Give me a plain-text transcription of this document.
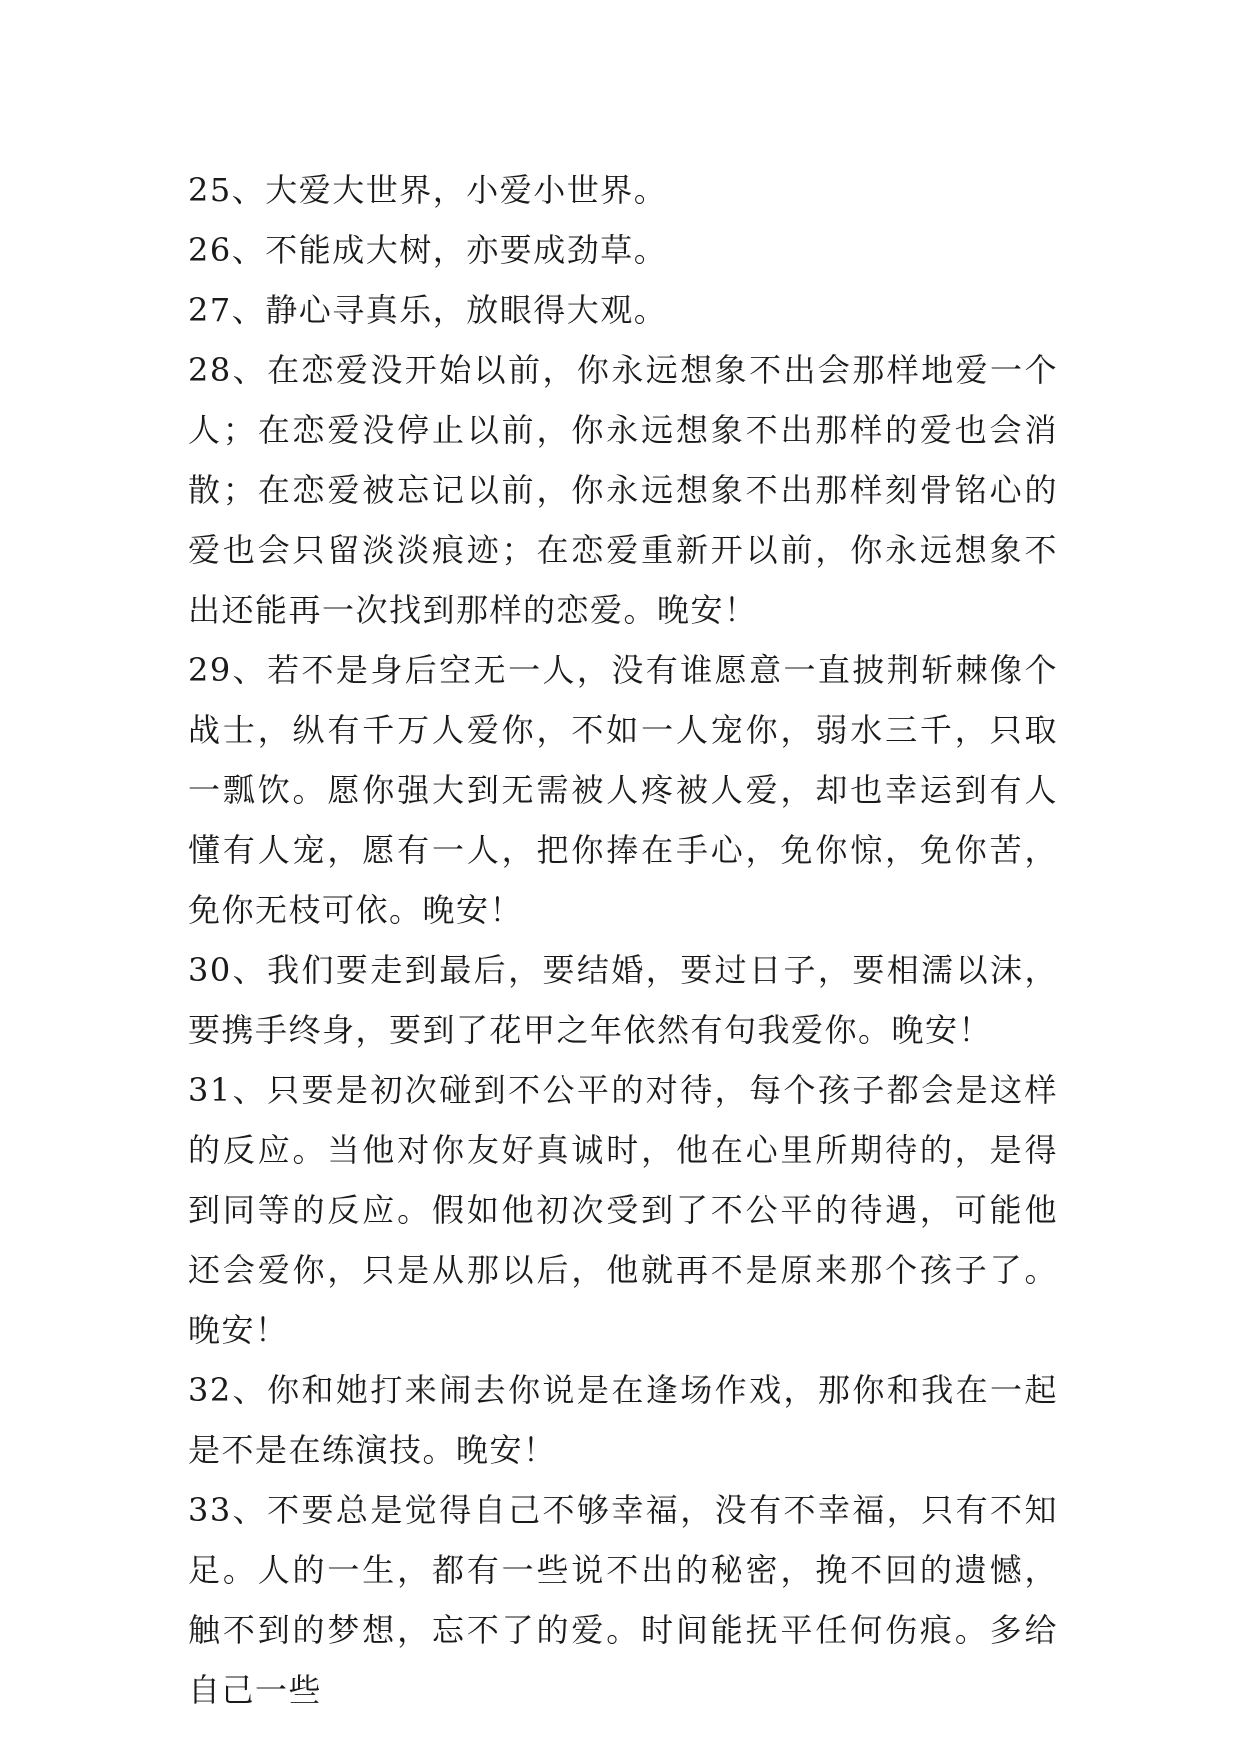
25、大爱大世界，小爱小世界。

26、不能成大树，亦要成劲草。

27、静心寻真乐，放眼得大观。

28、在恋爱没开始以前，你永远想象不出会那样地爱一个人；在恋爱没停止以前，你永远想象不出那样的爱也会消散；在恋爱被忘记以前，你永远想象不出那样刻骨铭心的爱也会只留淡淡痕迹；在恋爱重新开以前，你永远想象不出还能再一次找到那样的恋爱。晚安！

29、若不是身后空无一人，没有谁愿意一直披荆斩棘像个战士，纵有千万人爱你，不如一人宠你，弱水三千，只取一瓢饮。愿你强大到无需被人疼被人爱，却也幸运到有人懂有人宠，愿有一人，把你捧在手心，免你惊，免你苦，免你无枝可依。晚安！

30、我们要走到最后，要结婚，要过日子，要相濡以沫，要携手终身，要到了花甲之年依然有句我爱你。晚安！

31、只要是初次碰到不公平的对待，每个孩子都会是这样的反应。当他对你友好真诚时，他在心里所期待的，是得到同等的反应。假如他初次受到了不公平的待遇，可能他还会爱你，只是从那以后，他就再不是原来那个孩子了。晚安！

32、你和她打来闹去你说是在逢场作戏，那你和我在一起是不是在练演技。晚安！

33、不要总是觉得自己不够幸福，没有不幸福，只有不知足。人的一生，都有一些说不出的秘密，挽不回的遗憾，触不到的梦想，忘不了的爱。时间能抚平任何伤痕。多给自己一些
